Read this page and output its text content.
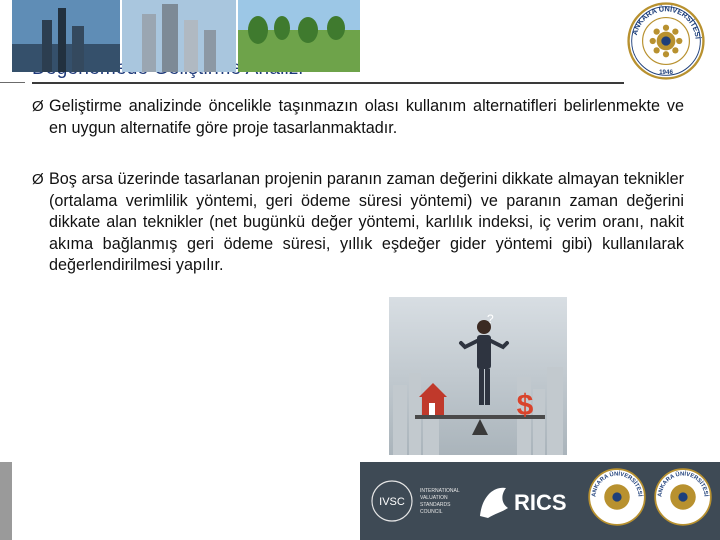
ANKARA ÜNİVERSİTESİ
1946
Ø Geliştirme analizinde öncelikle taşınmazın olası kullanım alternatifleri belirlenmekte ve en uygun alternatife göre proje tasarlanmaktadır.
Ø Boş arsa üzerinde tasarlanan projenin paranın zaman değerini dikkate almayan teknikler (ortalama verimlilik yöntemi, geri ödeme süresi yöntemi) ve paranın zaman değerini dikkate alan teknikler (net bugünkü değer yöntemi, karlılık indeksi, iç verim oranı, nakit akıma bağlanmış geri ödeme süresi, yıllık eşdeğer gider yöntemi gibi) kullanılarak değerlendirilmesi yapılır.
?
$
IVSC
INTERNATIONAL
VALUATION
STANDARDS
COUNCIL	RICS ANKARA ÜNİVERSİTESİ ANKARA ÜNİVERSİTESİ
